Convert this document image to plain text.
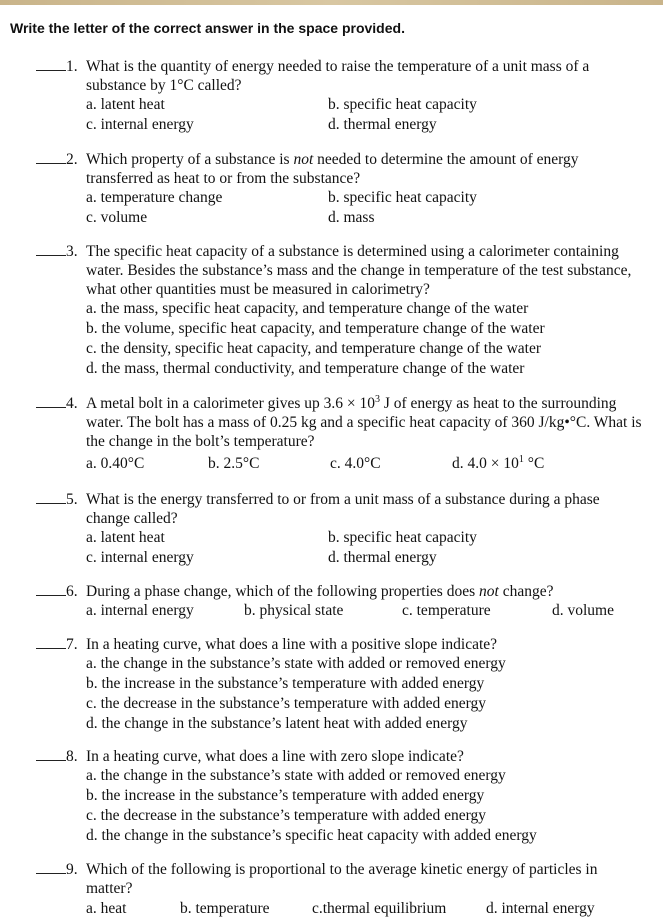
Write the letter of the correct answer in the space provided.
1. What is the quantity of energy needed to raise the temperature of a unit mass of a substance by 1°C called?
a. latent heat	b. specific heat capacity
c. internal energy	d. thermal energy
2. Which property of a substance is not needed to determine the amount of energy transferred as heat to or from the substance?
a. temperature change	b. specific heat capacity
c. volume	d. mass
3. The specific heat capacity of a substance is determined using a calorimeter containing water. Besides the substance’s mass and the change in temperature of the test substance, what other quantities must be measured in calorimetry?
a. the mass, specific heat capacity, and temperature change of the water
b. the volume, specific heat capacity, and temperature change of the water
c. the density, specific heat capacity, and temperature change of the water
d. the mass, thermal conductivity, and temperature change of the water
4. A metal bolt in a calorimeter gives up $3.6 \times 10^3$ J of energy as heat to the surrounding water. The bolt has a mass of 0.25 kg and a specific heat capacity of 360 J/kg•°C. What is the change in the bolt’s temperature?
a. 0.40°C	b. 2.5°C	c. 4.0°C	d. $4.0 \times 10^1$ °C
5. What is the energy transferred to or from a unit mass of a substance during a phase change called?
a. latent heat	b. specific heat capacity
c. internal energy	d. thermal energy
6. During a phase change, which of the following properties does not change?
a. internal energy	b. physical state	c. temperature	d. volume
7. In a heating curve, what does a line with a positive slope indicate?
a. the change in the substance’s state with added or removed energy
b. the increase in the substance’s temperature with added energy
c. the decrease in the substance’s temperature with added energy
d. the change in the substance’s latent heat with added energy
8. In a heating curve, what does a line with zero slope indicate?
a. the change in the substance’s state with added or removed energy
b. the increase in the substance’s temperature with added energy
c. the decrease in the substance’s temperature with added energy
d. the change in the substance’s specific heat capacity with added energy
9. Which of the following is proportional to the average kinetic energy of particles in matter?
a. heat	b. temperature	c.thermal equilibrium	d. internal energy
